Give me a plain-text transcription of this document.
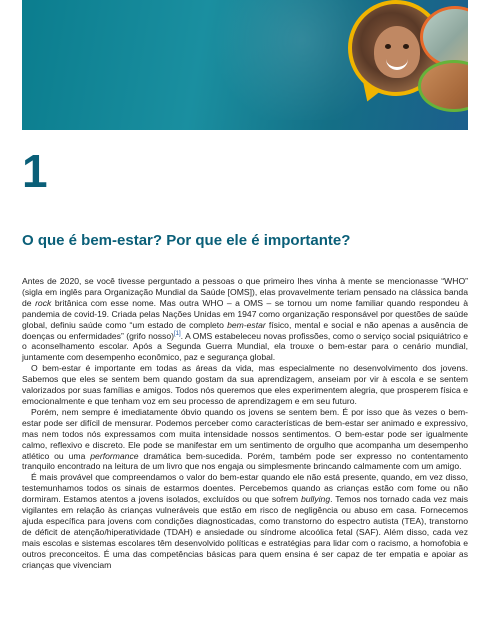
1
O que é bem-estar? Por que ele é importante?

Antes de 2020, se você tivesse perguntado a pessoas o que primeiro lhes vinha à mente se mencionasse “WHO” (sigla em inglês para Organização Mundial da Saúde [OMS]), elas provavelmente teriam pensado na clássica banda de rock britânica com esse nome. Mas outra WHO – a OMS – se tornou um nome familiar quando respondeu à pandemia de covid-19. Criada pelas Nações Unidas em 1947 como organização responsável por questões de saúde global, definiu saúde como “um estado de completo bem-estar físico, mental e social e não apenas a ausência de doenças ou enfermidades” (grifo nosso)[1]. A OMS estabeleceu novas profissões, como o serviço social psiquiátrico e o aconselhamento escolar. Após a Segunda Guerra Mundial, ela trouxe o bem-estar para o cenário mundial, juntamente com desempenho econômico, paz e segurança global.

O bem-estar é importante em todas as áreas da vida, mas especialmente no desenvolvimento dos jovens. Sabemos que eles se sentem bem quando gostam da sua aprendizagem, anseiam por vir à escola e se sentem valorizados por suas famílias e amigos. Todos nós queremos que eles experimentem alegria, que prosperem física e emocionalmente e que tenham voz em seu processo de aprendizagem e em seu futuro.

Porém, nem sempre é imediatamente óbvio quando os jovens se sentem bem. É por isso que às vezes o bem-estar pode ser difícil de mensurar. Podemos perceber como características de bem-estar ser animado e expressivo, mas nem todos nós expressamos com muita intensidade nossos sentimentos. O bem-estar pode ser igualmente calmo, reflexivo e discreto. Ele pode se manifestar em um sentimento de orgulho que acompanha um desempenho atlético ou uma performance dramática bem-sucedida. Porém, também pode ser expresso no contentamento tranquilo encontrado na leitura de um livro que nos engaja ou simplesmente brincando calmamente com um amigo.

É mais provável que compreendamos o valor do bem-estar quando ele não está presente, quando, em vez disso, testemunhamos todos os sinais de estarmos doentes. Percebemos quando as crianças estão com fome ou não dormiram. Estamos atentos a jovens isolados, excluídos ou que sofrem bullying. Temos nos tornado cada vez mais vigilantes em relação às crianças vulneráveis que estão em risco de negligência ou abuso em casa. Fornecemos ajuda específica para jovens com condições diagnosticadas, como transtorno do espectro autista (TEA), transtorno de déficit de atenção/hiperatividade (TDAH) e ansiedade ou síndrome alcoólica fetal (SAF). Além disso, cada vez mais escolas e sistemas escolares têm desenvolvido políticas e estratégias para lidar com o racismo, a homofobia e outros preconceitos. É uma das competências básicas para quem ensina é ser capaz de ter empatia e apoiar as crianças que vivenciam
